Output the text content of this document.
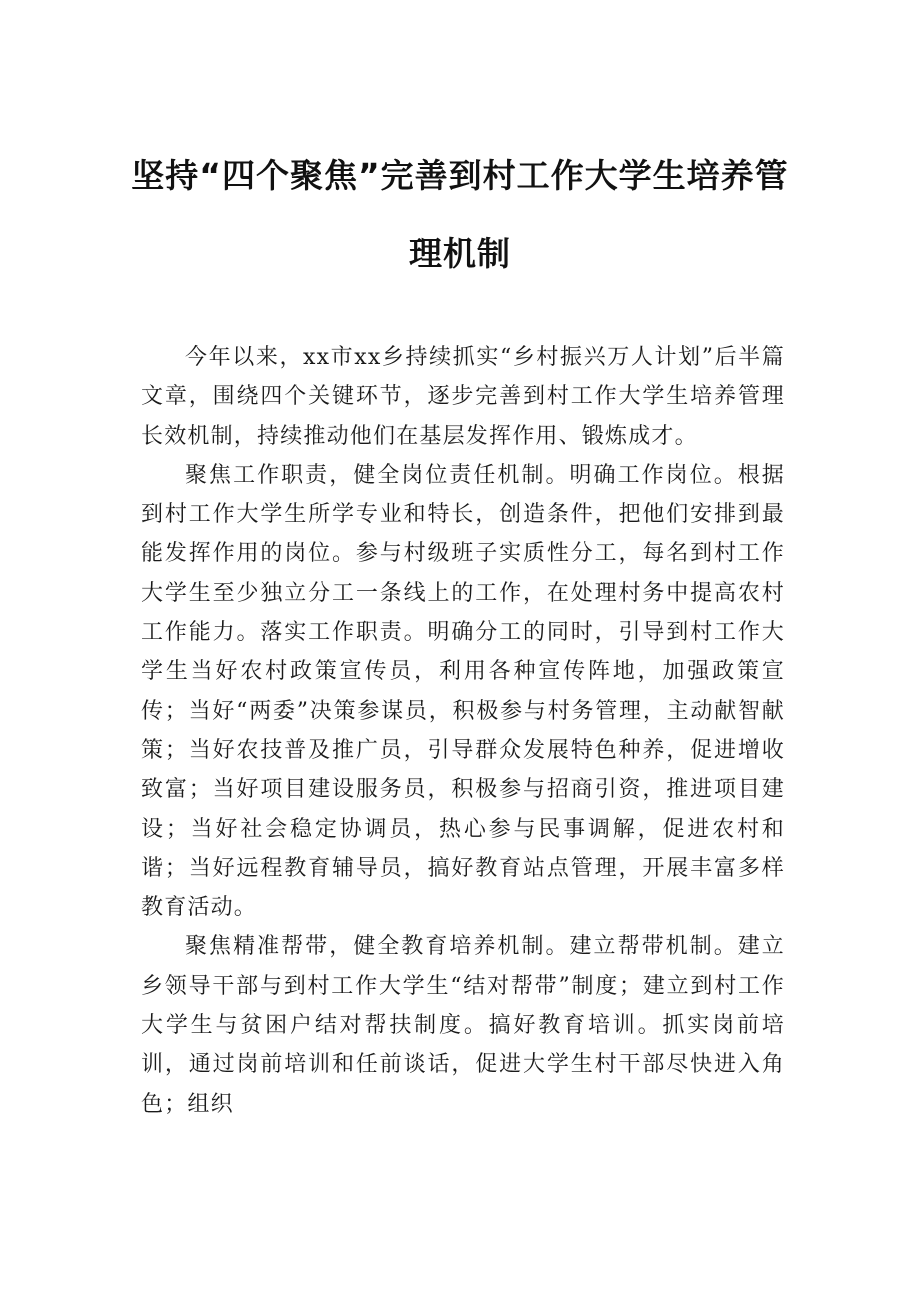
坚持“四个聚焦”完善到村工作大学生培养管
理机制

今年以来，xx市xx乡持续抓实“乡村振兴万人计划”后半篇文章，围绕四个关键环节，逐步完善到村工作大学生培养管理长效机制，持续推动他们在基层发挥作用、锻炼成才。

聚焦工作职责，健全岗位责任机制。明确工作岗位。根据到村工作大学生所学专业和特长，创造条件，把他们安排到最能发挥作用的岗位。参与村级班子实质性分工，每名到村工作大学生至少独立分工一条线上的工作，在处理村务中提高农村工作能力。落实工作职责。明确分工的同时，引导到村工作大学生当好农村政策宣传员，利用各种宣传阵地，加强政策宣传；当好“两委”决策参谋员，积极参与村务管理，主动献智献策；当好农技普及推广员，引导群众发展特色种养，促进增收致富；当好项目建设服务员，积极参与招商引资，推进项目建设；当好社会稳定协调员，热心参与民事调解，促进农村和谐；当好远程教育辅导员，搞好教育站点管理，开展丰富多样教育活动。

聚焦精准帮带，健全教育培养机制。建立帮带机制。建立乡领导干部与到村工作大学生“结对帮带”制度；建立到村工作大学生与贫困户结对帮扶制度。搞好教育培训。抓实岗前培训，通过岗前培训和任前谈话，促进大学生村干部尽快进入角色；组织
